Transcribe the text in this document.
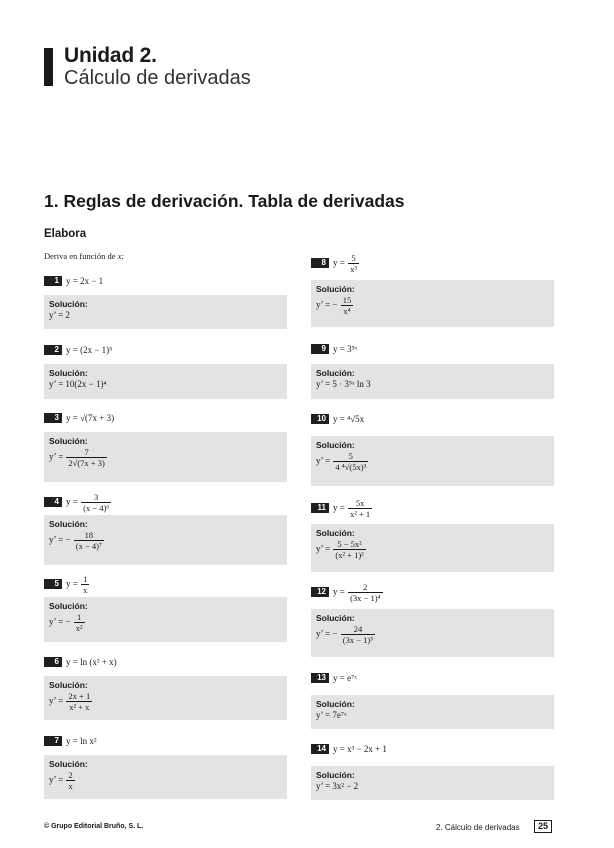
Unidad 2.
Cálculo de derivadas
1. Reglas de derivación. Tabla de derivadas
Elabora
Deriva en función de x:
1 y = 2x − 1
Solución:
y’ = 2
2 y = (2x − 1)⁵
Solución:
y’ = 10(2x − 1)⁴
3 y = √(7x + 3)
Solución:
y’ = $\frac{7}{2√(7x + 3)}$
4 $y = \frac{3}{\text{(x − 4)⁶}}$
Solución:
y’ = − $\frac{18}{\text{(x − 4)⁷}}$
5 $y = \frac{1}{x}$
Solución:
y’ = − $\frac{1}{\text{x²}}$
6 y = ln (x² + x)
Solución:
y’ = $\frac{2x + 1}{\text{x² + x}}$
7 y = ln x²
Solución:
y’ = $\frac{2}{x}$
8 $y = \frac{5}{\text{x³}}$
Solución:
y’ = − $\frac{15}{\text{x⁴}}$
9 y = 3⁵ˣ
Solución:
y’ = 5 · 3⁵ˣ ln 3
10 y = ⁴√5x
Solución:
y’ = $\frac{5}{\text{4 ⁴√(5x)³}}$
11 $y = \frac{5x}{\text{x² + 1}}$
Solución:
y’ = $\frac{\text{5 − 5x²}}{\text{(x² + 1)²}}$
12 $y = \frac{2}{\text{(3x − 1)⁴}}$
Solución:
y’ = − $\frac{24}{\text{(3x − 1)⁵}}$
13 y = e⁷ˣ
Solución:
y’ = 7e⁷ˣ
14 y = x³ − 2x + 1
Solución:
y’ = 3x² − 2
© Grupo Editorial Bruño, S. L.	2. Cálculo de derivadas	25
